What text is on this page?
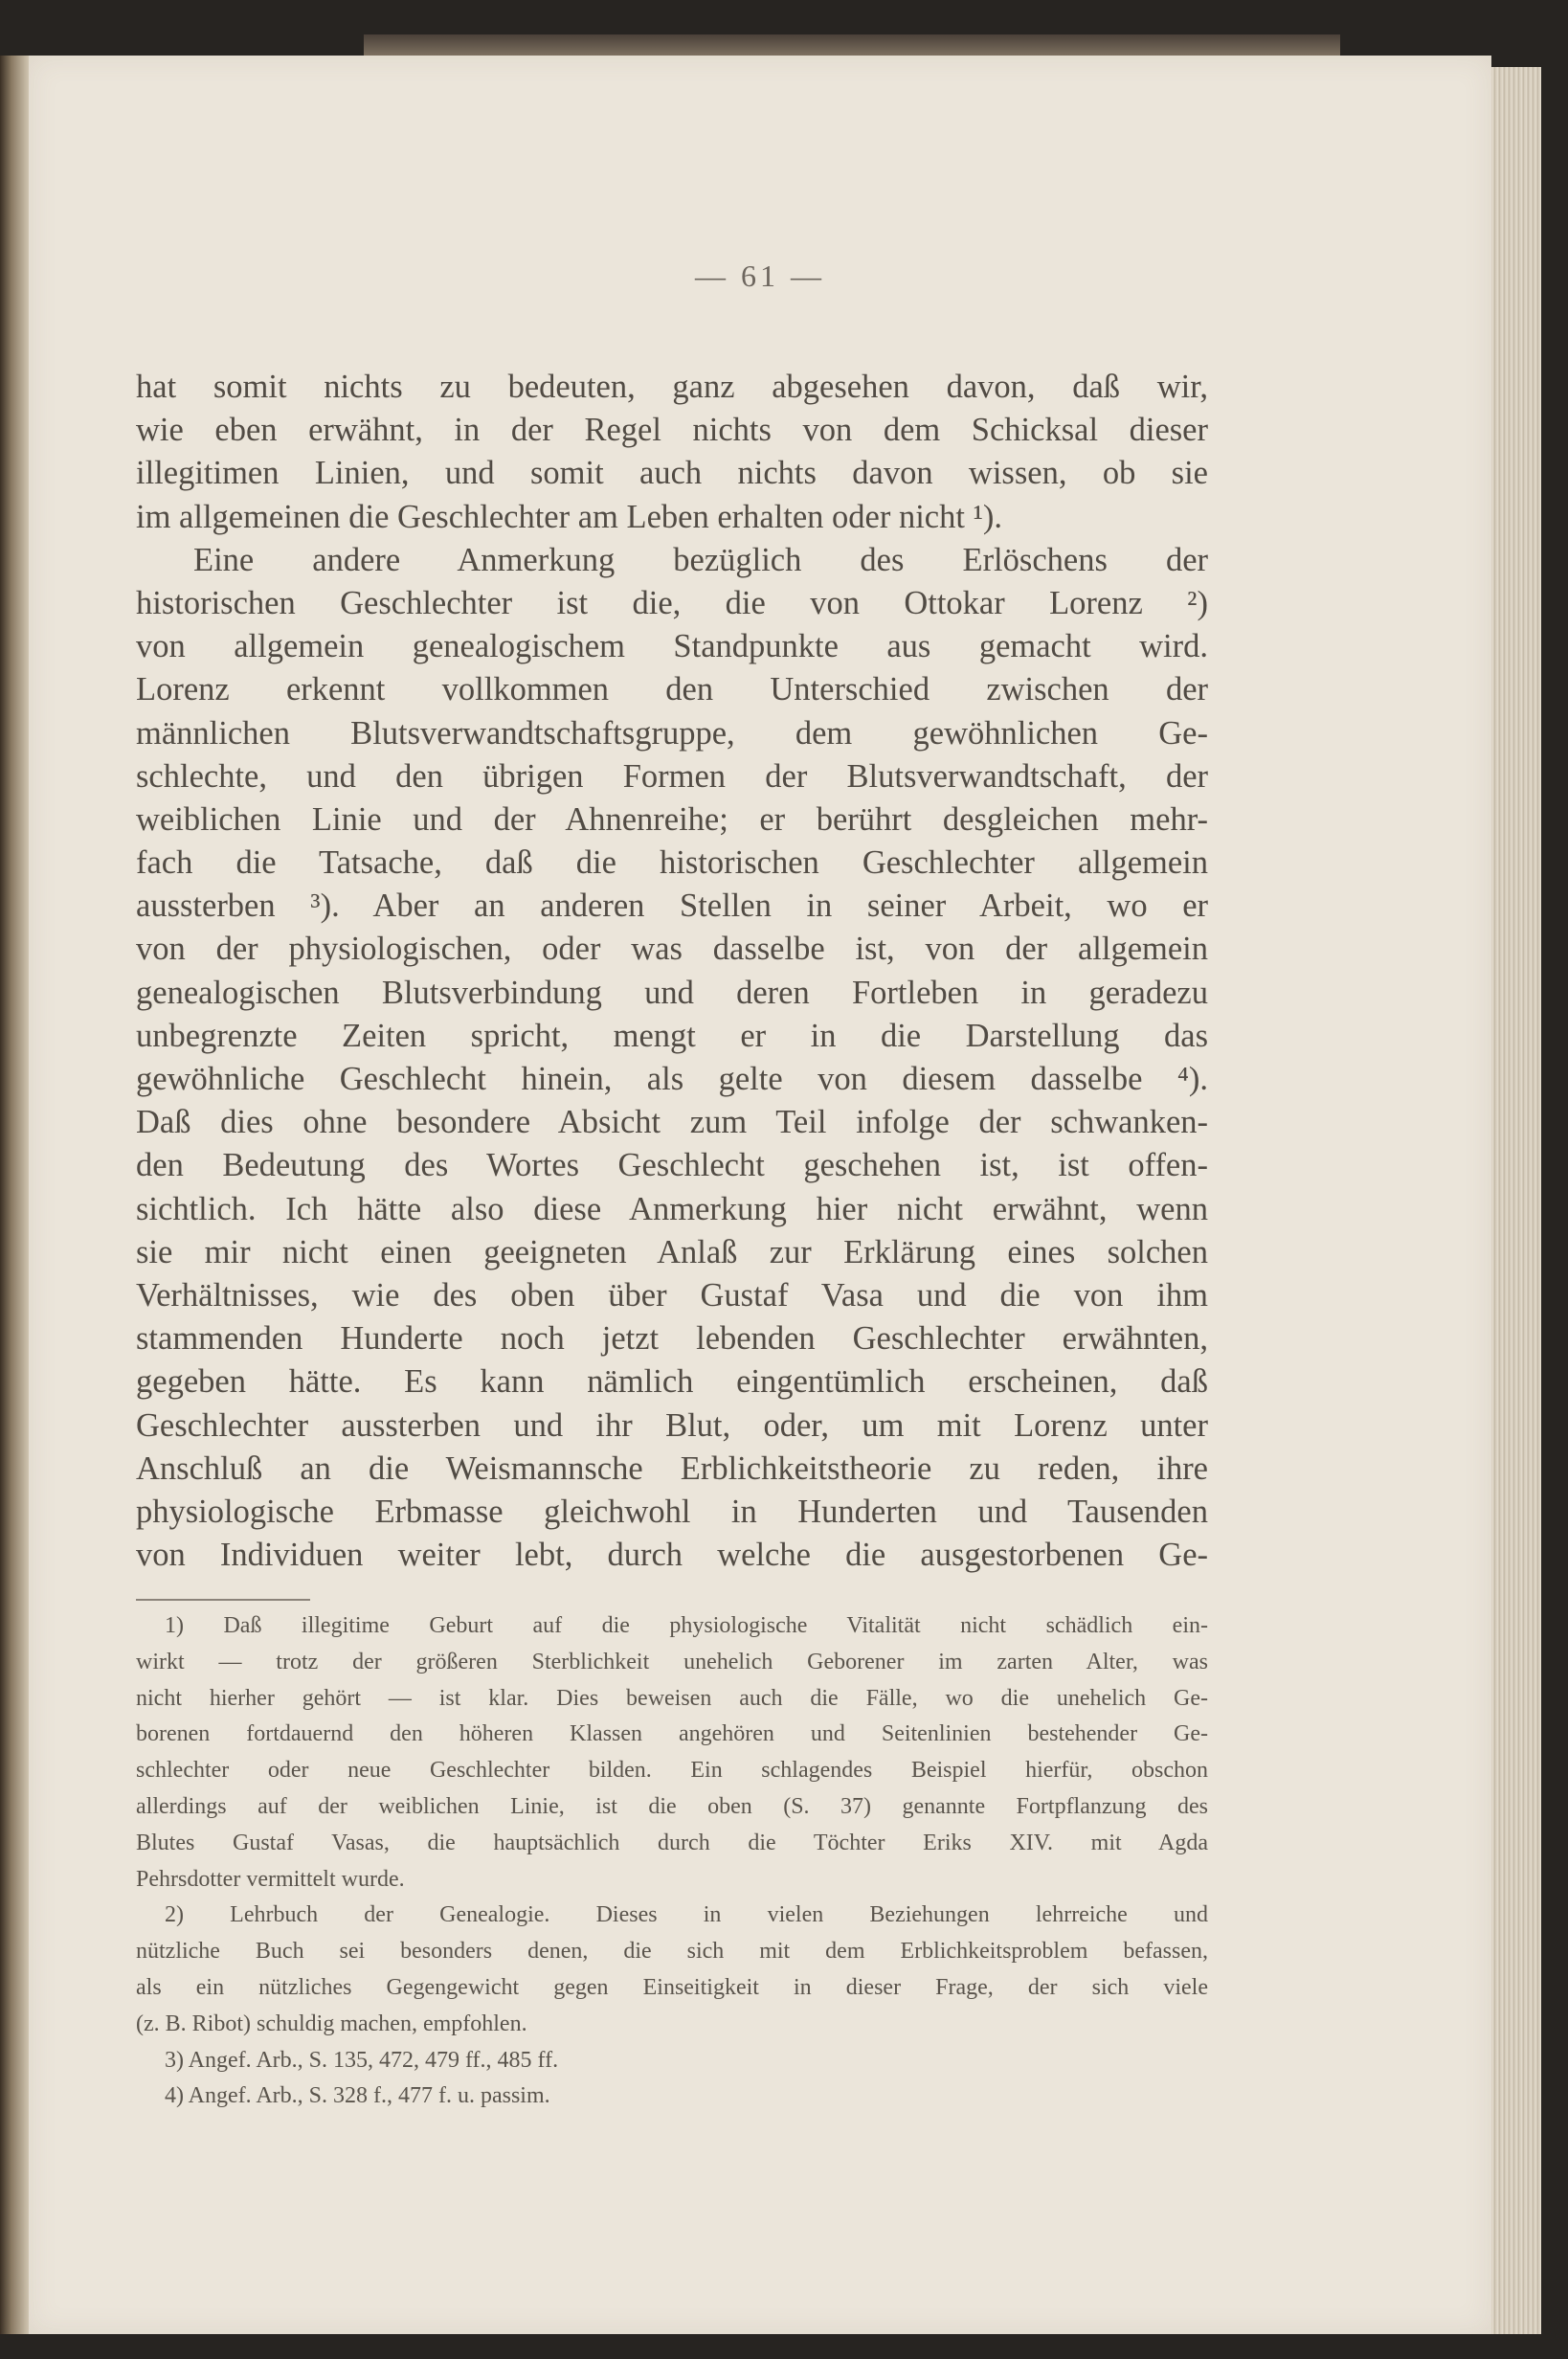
— 61 —
hat somit nichts zu bedeuten, ganz abgesehen davon, daß wir,
wie eben erwähnt, in der Regel nichts von dem Schicksal dieser
illegitimen Linien, und somit auch nichts davon wissen, ob sie
im allgemeinen die Geschlechter am Leben erhalten oder nicht ¹).
Eine andere Anmerkung bezüglich des Erlöschens der
historischen Geschlechter ist die, die von Ottokar Lorenz ²)
von allgemein genealogischem Standpunkte aus gemacht wird.
Lorenz erkennt vollkommen den Unterschied zwischen der
männlichen Blutsverwandtschaftsgruppe, dem gewöhnlichen Ge-
schlechte, und den übrigen Formen der Blutsverwandtschaft, der
weiblichen Linie und der Ahnenreihe; er berührt desgleichen mehr-
fach die Tatsache, daß die historischen Geschlechter allgemein
aussterben ³). Aber an anderen Stellen in seiner Arbeit, wo er
von der physiologischen, oder was dasselbe ist, von der allgemein
genealogischen Blutsverbindung und deren Fortleben in geradezu
unbegrenzte Zeiten spricht, mengt er in die Darstellung das
gewöhnliche Geschlecht hinein, als gelte von diesem dasselbe ⁴).
Daß dies ohne besondere Absicht zum Teil infolge der schwanken-
den Bedeutung des Wortes Geschlecht geschehen ist, ist offen-
sichtlich. Ich hätte also diese Anmerkung hier nicht erwähnt, wenn
sie mir nicht einen geeigneten Anlaß zur Erklärung eines solchen
Verhältnisses, wie des oben über Gustaf Vasa und die von ihm
stammenden Hunderte noch jetzt lebenden Geschlechter erwähnten,
gegeben hätte. Es kann nämlich eingentümlich erscheinen, daß
Geschlechter aussterben und ihr Blut, oder, um mit Lorenz unter
Anschluß an die Weismannsche Erblichkeitstheorie zu reden, ihre
physiologische Erbmasse gleichwohl in Hunderten und Tausenden
von Individuen weiter lebt, durch welche die ausgestorbenen Ge-
1) Daß illegitime Geburt auf die physiologische Vitalität nicht schädlich ein-
wirkt — trotz der größeren Sterblichkeit unehelich Geborener im zarten Alter, was
nicht hierher gehört — ist klar. Dies beweisen auch die Fälle, wo die unehelich Ge-
borenen fortdauernd den höheren Klassen angehören und Seitenlinien bestehender Ge-
schlechter oder neue Geschlechter bilden. Ein schlagendes Beispiel hierfür, obschon
allerdings auf der weiblichen Linie, ist die oben (S. 37) genannte Fortpflanzung des
Blutes Gustaf Vasas, die hauptsächlich durch die Töchter Eriks XIV. mit Agda
Pehrsdotter vermittelt wurde.
2) Lehrbuch der Genealogie. Dieses in vielen Beziehungen lehrreiche und
nützliche Buch sei besonders denen, die sich mit dem Erblichkeitsproblem befassen,
als ein nützliches Gegengewicht gegen Einseitigkeit in dieser Frage, der sich viele
(z. B. Ribot) schuldig machen, empfohlen.
3) Angef. Arb., S. 135, 472, 479 ff., 485 ff.
4) Angef. Arb., S. 328 f., 477 f. u. passim.
